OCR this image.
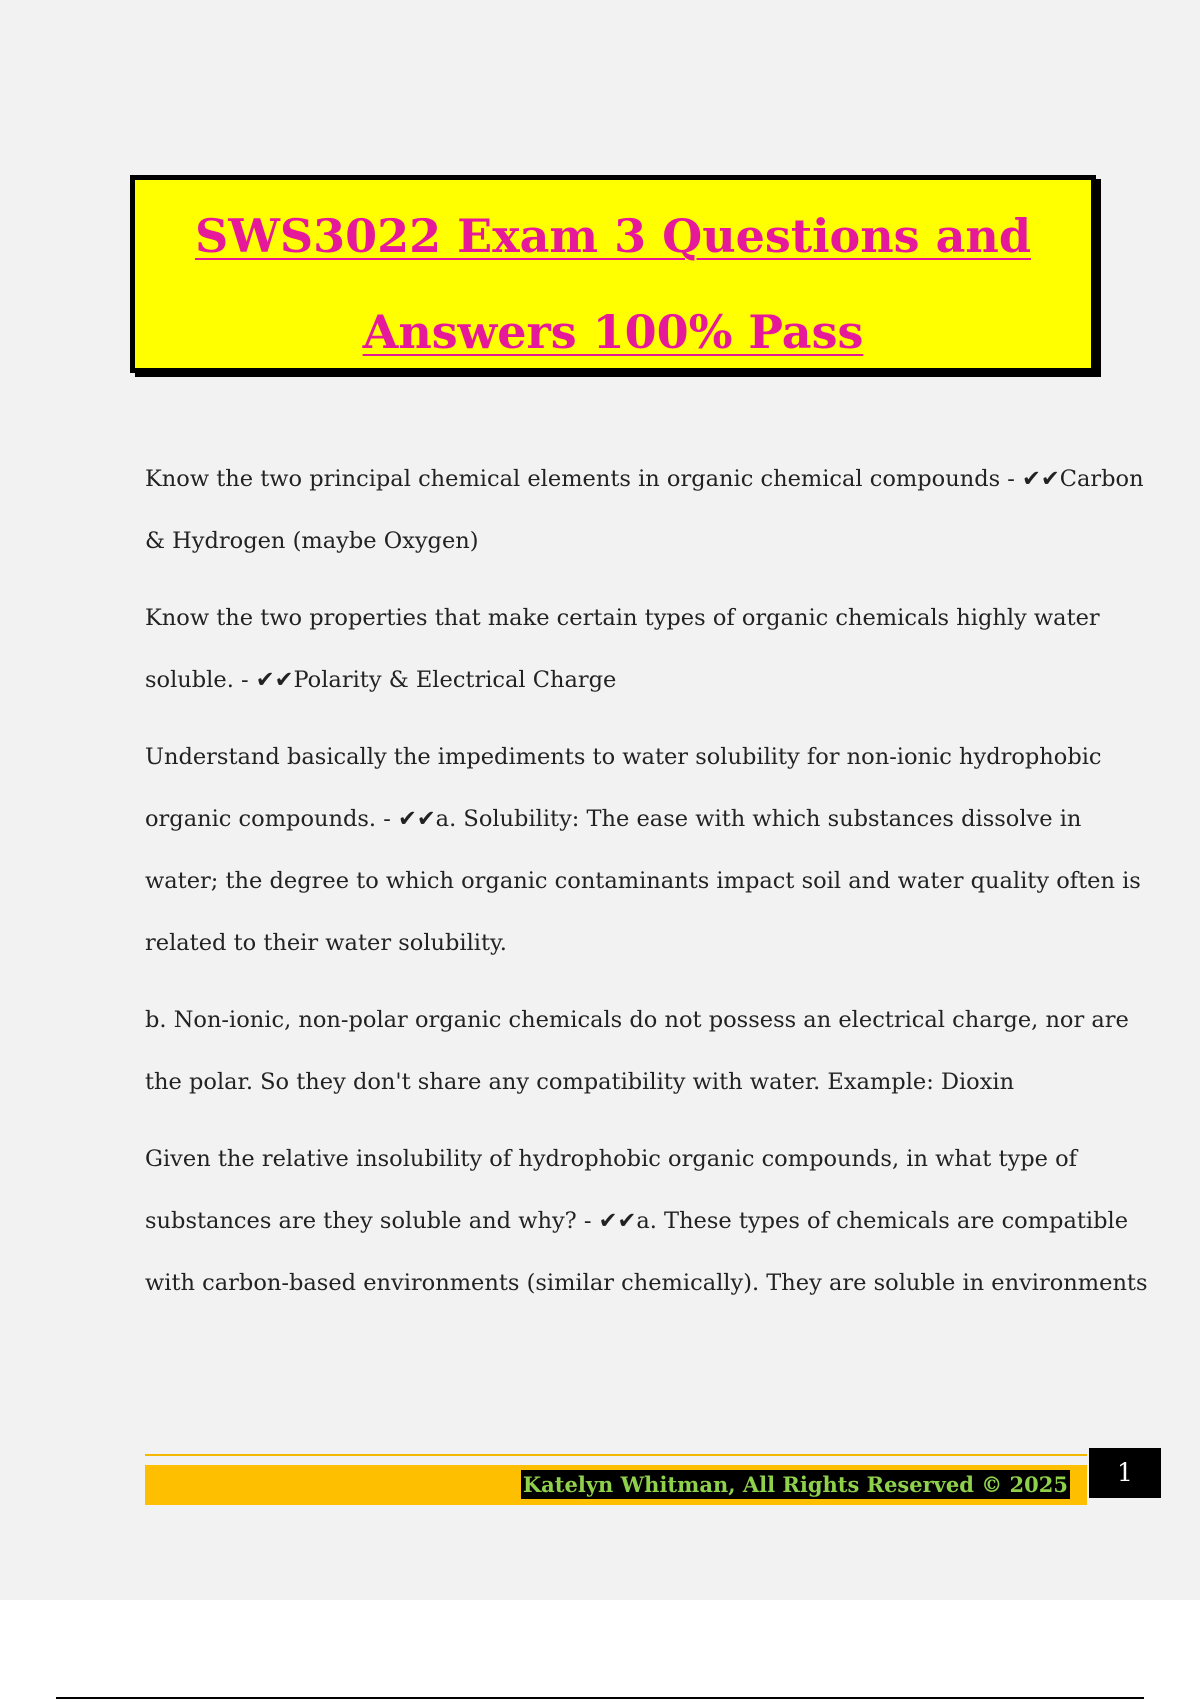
SWS3022 Exam 3 Questions and
Answers 100% Pass
Know the two principal chemical elements in organic chemical compounds - ✔✔Carbon
& Hydrogen (maybe Oxygen)
Know the two properties that make certain types of organic chemicals highly water
soluble. - ✔✔Polarity & Electrical Charge
Understand basically the impediments to water solubility for non-ionic hydrophobic
organic compounds. - ✔✔a. Solubility: The ease with which substances dissolve in
water; the degree to which organic contaminants impact soil and water quality often is
related to their water solubility.
b. Non-ionic, non-polar organic chemicals do not possess an electrical charge, nor are
the polar. So they don't share any compatibility with water. Example: Dioxin
Given the relative insolubility of hydrophobic organic compounds, in what type of
substances are they soluble and why? - ✔✔a. These types of chemicals are compatible
with carbon-based environments (similar chemically). They are soluble in environments
Katelyn Whitman, All Rights Reserved © 2025	1
